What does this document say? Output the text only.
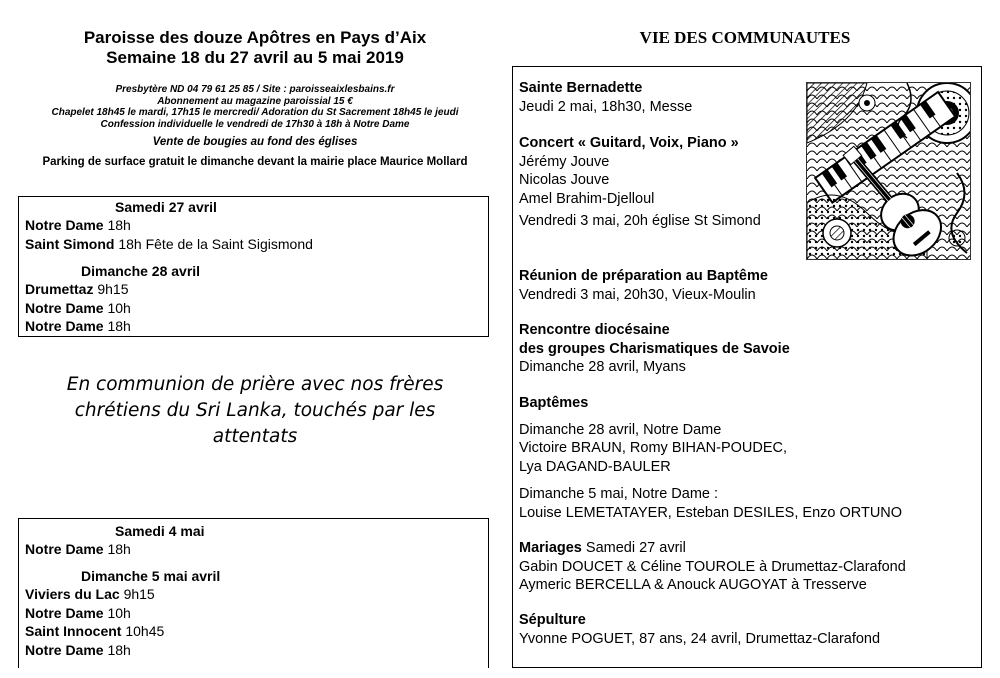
Paroisse des douze Apôtres en Pays d’Aix
Semaine 18 du 27 avril au 5 mai 2019
Presbytère ND 04 79 61 25 85 / Site : paroisseaixlesbains.fr
Abonnement au magazine paroissial 15 €
Chapelet 18h45 le mardi, 17h15 le mercredi/ Adoration du St Sacrement 18h45 le jeudi
Confession individuelle le vendredi de 17h30 à 18h à Notre Dame
Vente de bougies au fond des églises
Parking de surface gratuit le dimanche devant la mairie place Maurice Mollard
Samedi 27 avril
Notre Dame 18h
Saint Simond 18h Fête de la Saint Sigismond
Dimanche 28 avril
Drumettaz 9h15
Notre Dame 10h
Notre Dame 18h
En communion de prière avec nos frères
chrétiens du Sri Lanka, touchés par les
attentats
Samedi 4 mai
Notre Dame 18h
Dimanche 5 mai avril
Viviers du Lac 9h15
Notre Dame 10h
Saint Innocent 10h45
Notre Dame 18h
VIE DES COMMUNAUTES
Sainte Bernadette
Jeudi 2 mai, 18h30, Messe
Concert « Guitard, Voix, Piano »
Jérémy Jouve
Nicolas Jouve
Amel Brahim-Djelloul
Vendredi 3 mai, 20h église St Simond
Réunion de préparation au Baptême
Vendredi 3 mai, 20h30, Vieux-Moulin
Rencontre diocésaine
des groupes Charismatiques de Savoie
Dimanche 28 avril, Myans
Baptêmes
Dimanche 28 avril, Notre Dame
Victoire BRAUN, Romy BIHAN-POUDEC,
Lya DAGAND-BAULER
Dimanche 5 mai, Notre Dame :
Louise LEMETATAYER, Esteban DESILES, Enzo ORTUNO
Mariages Samedi 27 avril
Gabin DOUCET & Céline TOUROLE à Drumettaz-Clarafond
Aymeric BERCELLA & Anouck AUGOYAT à Tresserve
Sépulture
Yvonne POGUET, 87 ans, 24 avril, Drumettaz-Clarafond
